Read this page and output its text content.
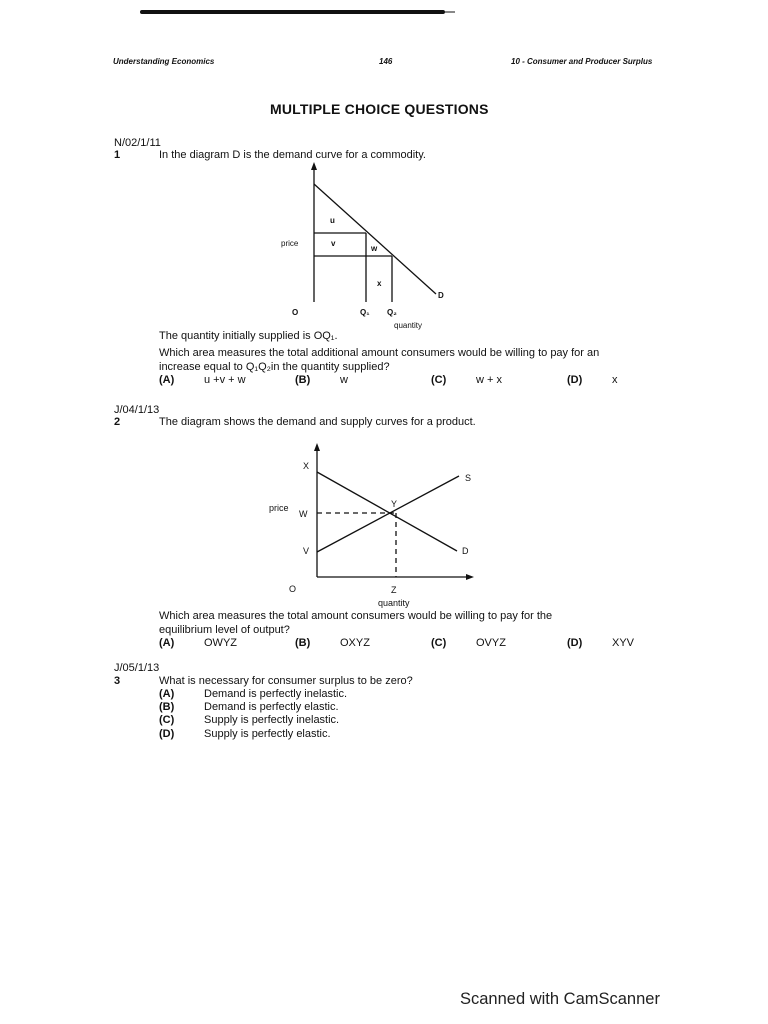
Understanding Economics	146	10 - Consumer and Producer Surplus
MULTIPLE CHOICE QUESTIONS
N/02/1/11
1	In the diagram D is the demand curve for a commodity.
u
v
w
x
D
price
O	Q₁ Q₂
quantity
The quantity initially supplied is OQ₁.
Which area measures the total additional amount consumers would be willing to pay for an
increase equal to Q₁Q₂in the quantity supplied?
(A)	u +v + w	(B)	w	(C)	w + x	(D)	x
J/04/1/13
2	The diagram shows the demand and supply curves for a product.
X
W
V
Y
S
D
price
O	Z
quantity
Which area measures the total amount consumers would be willing to pay for the
equilibrium level of output?
(A)	OWYZ	(B)	OXYZ	(C)	OVYZ	(D)	XYV
J/05/1/13
3	What is necessary for consumer surplus to be zero?
(A)	Demand is perfectly inelastic.
(B)	Demand is perfectly elastic.
(C)	Supply is perfectly inelastic.
(D)	Supply is perfectly elastic.
Scanned with CamScanner
